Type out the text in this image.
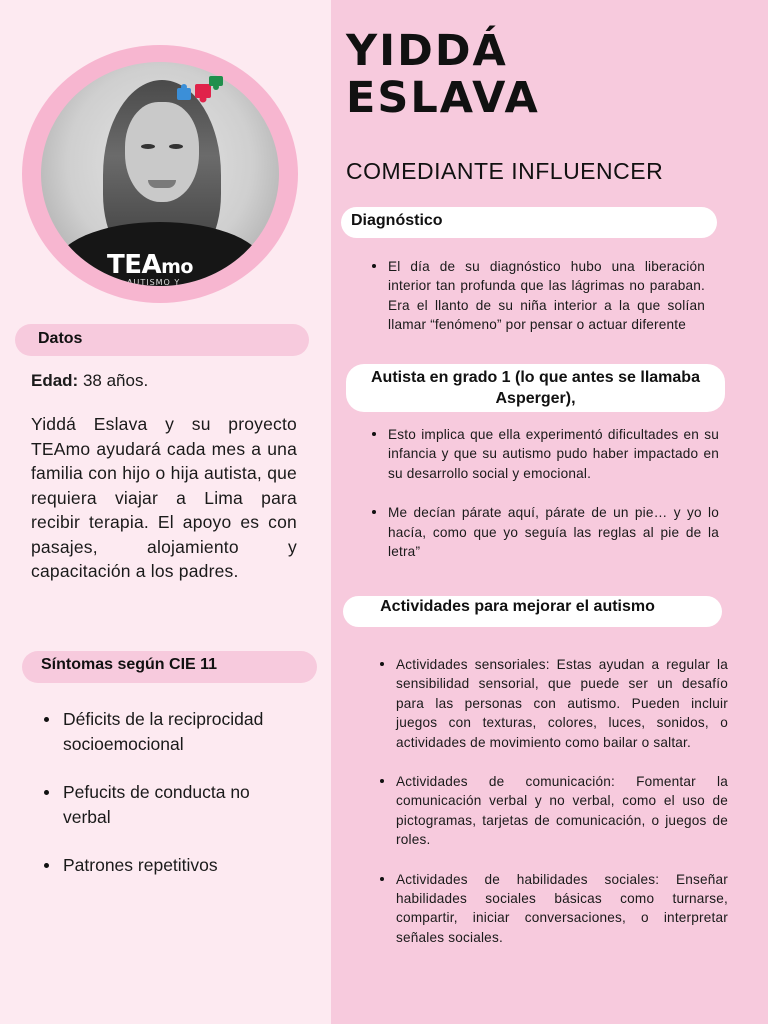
TEAmo
AUTISMO Y
YIDDÁ
ESLAVA
COMEDIANTE INFLUENCER
Diagnóstico
El día de su diagnóstico hubo una liberación interior tan profunda que las lágrimas no paraban. Era el llanto de su niña interior a la que solían llamar “fenómeno” por pensar o actuar diferente
Autista en grado 1 (lo que antes se llamaba Asperger),
Esto implica que ella experimentó dificultades en su infancia y que su autismo pudo haber impactado en su desarrollo social y emocional.
Me decían párate aquí, párate de un pie… y yo lo hacía, como que yo seguía las reglas al pie de la letra”
Actividades para mejorar el autismo
Actividades sensoriales: Estas ayudan a regular la sensibilidad sensorial, que puede ser un desafío para las personas con autismo. Pueden incluir juegos con texturas, colores, luces, sonidos, o actividades de movimiento como bailar o saltar.
Actividades de comunicación: Fomentar la comunicación verbal y no verbal, como el uso de pictogramas, tarjetas de comunicación, o juegos de roles.
Actividades de habilidades sociales: Enseñar habilidades sociales básicas como turnarse, compartir, iniciar conversaciones, o interpretar señales sociales.
Datos
Edad: 38 años.
Yiddá Eslava y su proyecto TEAmo ayudará cada mes a una familia con hijo o hija autista, que requiera viajar a Lima para recibir terapia. El apoyo es con pasajes, alojamiento y capacitación a los padres.
Síntomas según CIE 11
Déficits de la reciprocidad socioemocional
Pefucits de conducta no verbal
Patrones repetitivos
